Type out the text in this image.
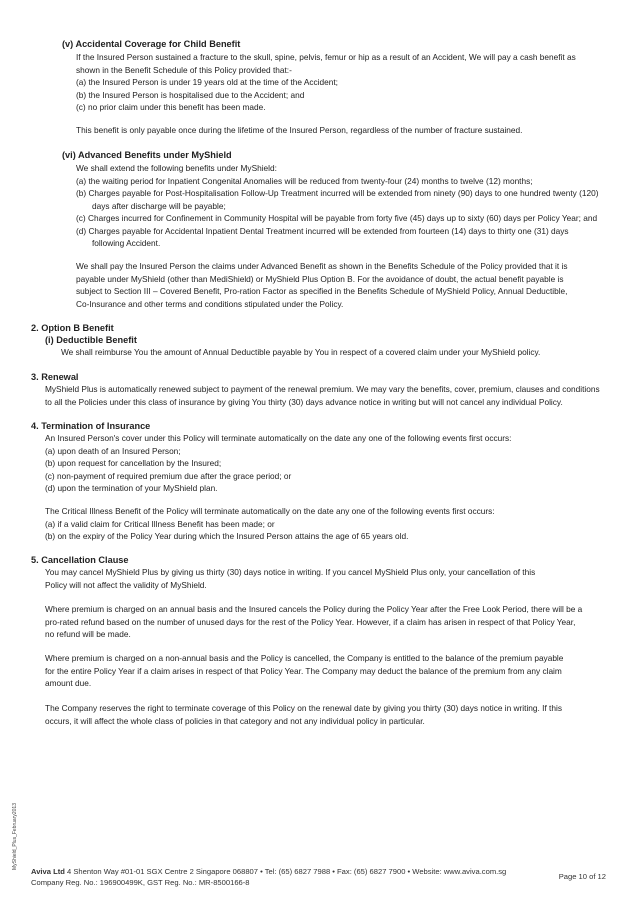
(v) Accidental Coverage for Child Benefit
If the Insured Person sustained a fracture to the skull, spine, pelvis, femur or hip as a result of an Accident, We will pay a cash benefit as
shown in the Benefit Schedule of this Policy provided that:-
(a) the Insured Person is under 19 years old at the time of the Accident;
(b) the Insured Person is hospitalised due to the Accident; and
(c) no prior claim under this benefit has been made.
This benefit is only payable once during the lifetime of the Insured Person, regardless of the number of fracture sustained.
(vi) Advanced Benefits under MyShield
We shall extend the following benefits under MyShield:
(a) the waiting period for Inpatient Congenital Anomalies will be reduced from twenty-four (24) months to twelve (12) months;
(b) Charges payable for Post-Hospitalisation Follow-Up Treatment incurred will be extended from ninety (90) days to one hundred twenty (120)
days after discharge will be payable;
(c) Charges incurred for Confinement in Community Hospital will be payable from forty five (45) days up to sixty (60) days per Policy Year; and
(d) Charges payable for Accidental Inpatient Dental Treatment incurred will be extended from fourteen (14) days to thirty one (31) days
following Accident.
We shall pay the Insured Person the claims under Advanced Benefit as shown in the Benefits Schedule of the Policy provided that it is
payable under MyShield (other than MediShield) or MyShield Plus Option B. For the avoidance of doubt, the actual benefit payable is
subject to Section III – Covered Benefit, Pro-ration Factor as specified in the Benefits Schedule of MyShield Policy, Annual Deductible,
Co-Insurance and other terms and conditions stipulated under the Policy.
2. Option B Benefit
(i) Deductible Benefit
We shall reimburse You the amount of Annual Deductible payable by You in respect of a covered claim under your MyShield policy.
3. Renewal
MyShield Plus is automatically renewed subject to payment of the renewal premium. We may vary the benefits, cover, premium, clauses and conditions
to all the Policies under this class of insurance by giving You thirty (30) days advance notice in writing but will not cancel any individual Policy.
4. Termination of Insurance
An Insured Person's cover under this Policy will terminate automatically on the date any one of the following events first occurs:
(a) upon death of an Insured Person;
(b) upon request for cancellation by the Insured;
(c) non-payment of required premium due after the grace period; or
(d) upon the termination of your MyShield plan.
The Critical Illness Benefit of the Policy will terminate automatically on the date any one of the following events first occurs:
(a) if a valid claim for Critical Illness Benefit has been made; or
(b) on the expiry of the Policy Year during which the Insured Person attains the age of 65 years old.
5. Cancellation Clause
You may cancel MyShield Plus by giving us thirty (30) days notice in writing. If you cancel MyShield Plus only, your cancellation of this
Policy will not affect the validity of MyShield.
Where premium is charged on an annual basis and the Insured cancels the Policy during the Policy Year after the Free Look Period, there will be a
pro-rated refund based on the number of unused days for the rest of the Policy Year. However, if a claim has arisen in respect of that Policy Year,
no refund will be made.
Where premium is charged on a non-annual basis and the Policy is cancelled, the Company is entitled to the balance of the premium payable
for the entire Policy Year if a claim arises in respect of that Policy Year. The Company may deduct the balance of the premium from any claim
amount due.
The Company reserves the right to terminate coverage of this Policy on the renewal date by giving you thirty (30) days notice in writing. If this
occurs, it will affect the whole class of policies in that category and not any individual policy in particular.
MyShield_Plus_February2013
Aviva Ltd 4 Shenton Way #01-01 SGX Centre 2 Singapore 068807 • Tel: (65) 6827 7988 • Fax: (65) 6827 7900 • Website: www.aviva.com.sg
Company Reg. No.: 196900499K, GST Reg. No.: MR-8500166-8
Page 10 of 12
